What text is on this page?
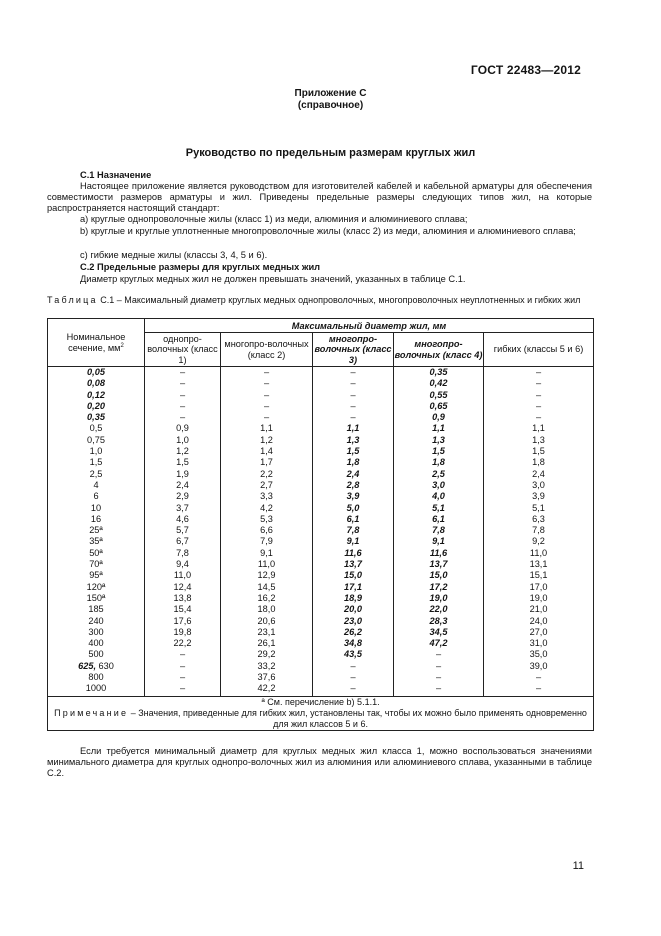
ГОСТ 22483—2012
Приложение С
(справочное)
Руководство по предельным размерам круглых жил
С.1 Назначение
Настоящее приложение является руководством для изготовителей кабелей и кабельной арматуры для обеспечения совместимости размеров арматуры и жил. Приведены предельные размеры следующих типов жил, на которые распространяется настоящий стандарт:
а) круглые однопроволочные жилы (класс 1) из меди, алюминия и алюминиевого сплава;
b) круглые и круглые уплотненные многопроволочные жилы (класс 2) из меди, алюминия и алюминиевого сплава;
с) гибкие медные жилы (классы 3, 4, 5 и 6).
С.2 Предельные размеры для круглых медных жил
Диаметр круглых медных жил не должен превышать значений, указанных в таблице С.1.
Таблица С.1 – Максимальный диаметр круглых медных однопроволочных, многопроволочных неуплотненных и гибких жил
Номинальное сечение, $мм^2$	Максимальный диаметр жил, мм				
	однопро-волочных (класс 1)	многопро-волочных (класс 2)	многопро-волочных (класс 3)	многопро-волочных (класс 4)	гибких (классы 5 и 6)
0,05	–	–	–	0,35	–
0,08	–	–	–	0,42	–
0,12	–	–	–	0,55	–
0,20	–	–	–	0,65	–
0,35	–	–	–	0,9	–
0,5	0,9	1,1	1,1	1,1	1,1
0,75	1,0	1,2	1,3	1,3	1,3
1,0	1,2	1,4	1,5	1,5	1,5
1,5	1,5	1,7	1,8	1,8	1,8
2,5	1,9	2,2	2,4	2,5	2,4
4	2,4	2,7	2,8	3,0	3,0
6	2,9	3,3	3,9	4,0	3,9
10	3,7	4,2	5,0	5,1	5,1
16	4,6	5,3	6,1	6,1	6,3
25ª	5,7	6,6	7,8	7,8	7,8
35ª	6,7	7,9	9,1	9,1	9,2
50ª	7,8	9,1	11,6	11,6	11,0
70ª	9,4	11,0	13,7	13,7	13,1
95ª	11,0	12,9	15,0	15,0	15,1
120ª	12,4	14,5	17,1	17,2	17,0
150ª	13,8	16,2	18,9	19,0	19,0
185	15,4	18,0	20,0	22,0	21,0
240	17,6	20,6	23,0	28,3	24,0
300	19,8	23,1	26,2	34,5	27,0
400	22,2	26,1	34,8	47,2	31,0
500	–	29,2	43,5	–	35,0
625, 630	–	33,2	–	–	39,0
800	–	37,6	–	–	–
1000	–	42,2	–	–	–
ª См. перечисление b) 5.1.1.					
Примечание – Значения, приведенные для гибких жил, установлены так, чтобы их можно было применять одновременно для жил классов 5 и 6.					
Если требуется минимальный диаметр для круглых медных жил класса 1, можно воспользоваться значениями минимального диаметра для круглых однопро-волочных жил из алюминия или алюминиевого сплава, указанными в таблице С.2.
11
